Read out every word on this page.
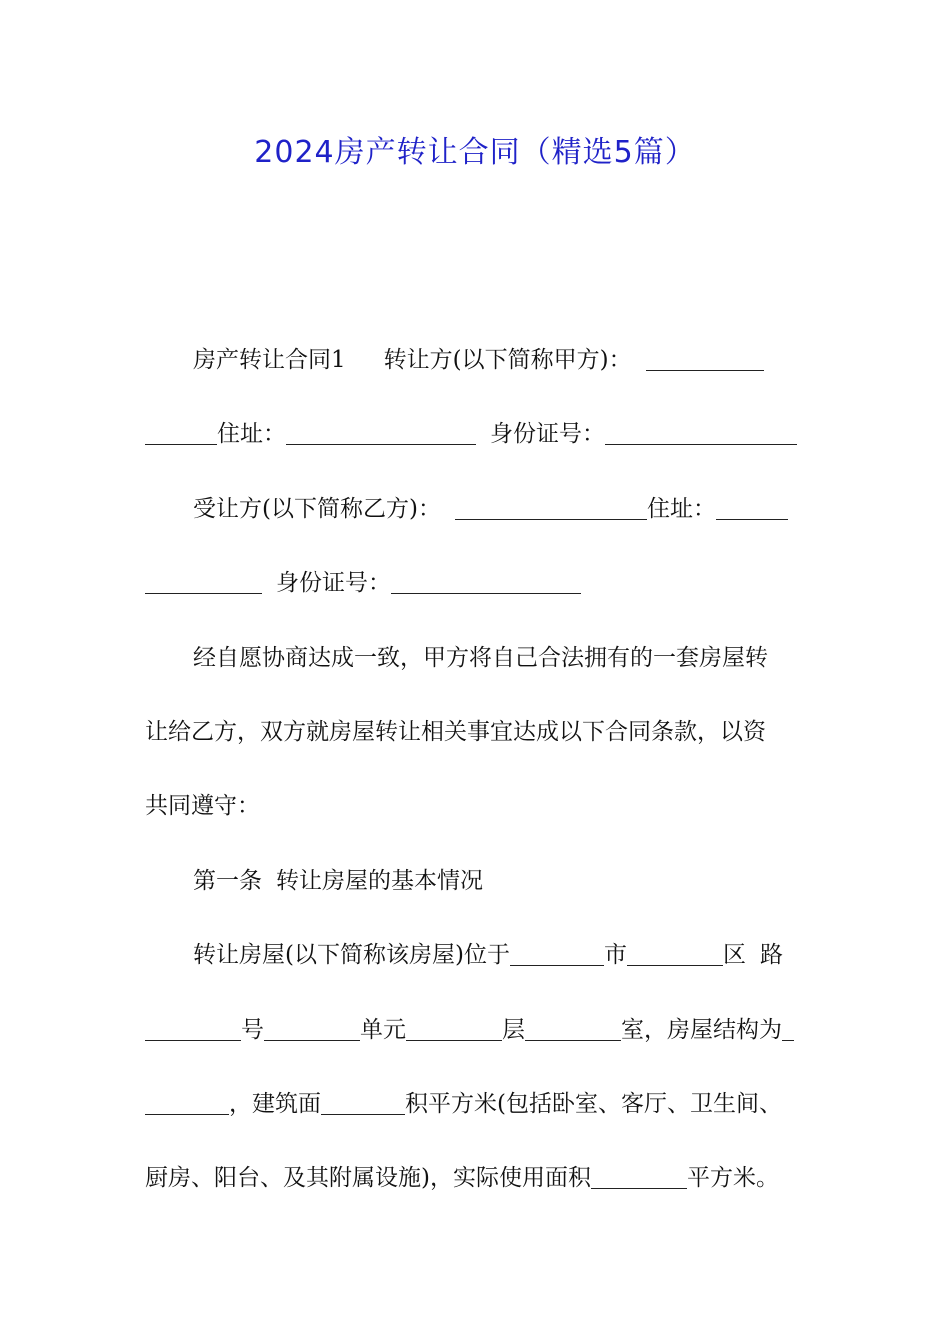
2024房产转让合同（精选5篇）
房产转让合同1 转让方(以下简称甲方)：
住址：	身份证号：
受让方(以下简称乙方)：	住址：
身份证号：
经自愿协商达成一致，甲方将自己合法拥有的一套房屋转
让给乙方，双方就房屋转让相关事宜达成以下合同条款，以资
共同遵守：
第一条 转让房屋的基本情况
转让房屋(以下简称该房屋)位于	市	区 路
号	单元	层	室，房屋结构为
，建筑面	积平方米(包括卧室、客厅、卫生间、
厨房、阳台、及其附属设施)，实际使用面积	平方米。
